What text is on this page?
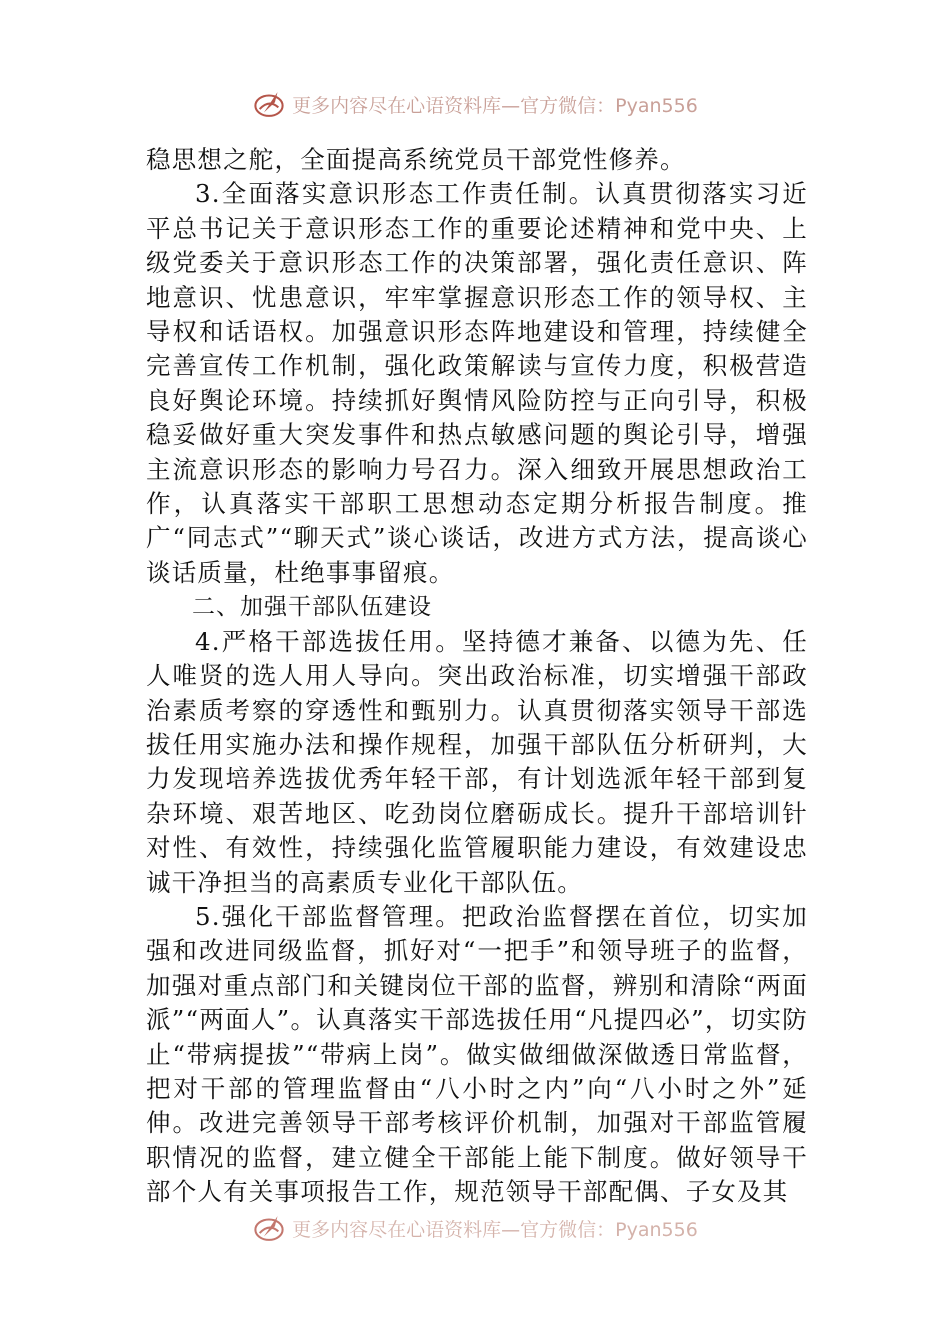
更多内容尽在心语资料库—官方微信：Pyan556

稳思想之舵，全面提高系统党员干部党性修养。

3.全面落实意识形态工作责任制。认真贯彻落实习近平总书记关于意识形态工作的重要论述精神和党中央、上级党委关于意识形态工作的决策部署，强化责任意识、阵地意识、忧患意识，牢牢掌握意识形态工作的领导权、主导权和话语权。加强意识形态阵地建设和管理，持续健全完善宣传工作机制，强化政策解读与宣传力度，积极营造良好舆论环境。持续抓好舆情风险防控与正向引导，积极稳妥做好重大突发事件和热点敏感问题的舆论引导，增强主流意识形态的影响力号召力。深入细致开展思想政治工作，认真落实干部职工思想动态定期分析报告制度。推广“同志式”“聊天式”谈心谈话，改进方式方法，提高谈心谈话质量，杜绝事事留痕。

二、加强干部队伍建设

4.严格干部选拔任用。坚持德才兼备、以德为先、任人唯贤的选人用人导向。突出政治标准，切实增强干部政治素质考察的穿透性和甄别力。认真贯彻落实领导干部选拔任用实施办法和操作规程，加强干部队伍分析研判，大力发现培养选拔优秀年轻干部，有计划选派年轻干部到复杂环境、艰苦地区、吃劲岗位磨砺成长。提升干部培训针对性、有效性，持续强化监管履职能力建设，有效建设忠诚干净担当的高素质专业化干部队伍。

5.强化干部监督管理。把政治监督摆在首位，切实加强和改进同级监督，抓好对“一把手”和领导班子的监督，加强对重点部门和关键岗位干部的监督，辨别和清除“两面派”“两面人”。认真落实干部选拔任用“凡提四必”，切实防止“带病提拔”“带病上岗”。做实做细做深做透日常监督，把对干部的管理监督由“八小时之内”向“八小时之外”延伸。改进完善领导干部考核评价机制，加强对干部监管履职情况的监督，建立健全干部能上能下制度。做好领导干部个人有关事项报告工作，规范领导干部配偶、子女及其

更多内容尽在心语资料库—官方微信：Pyan556
